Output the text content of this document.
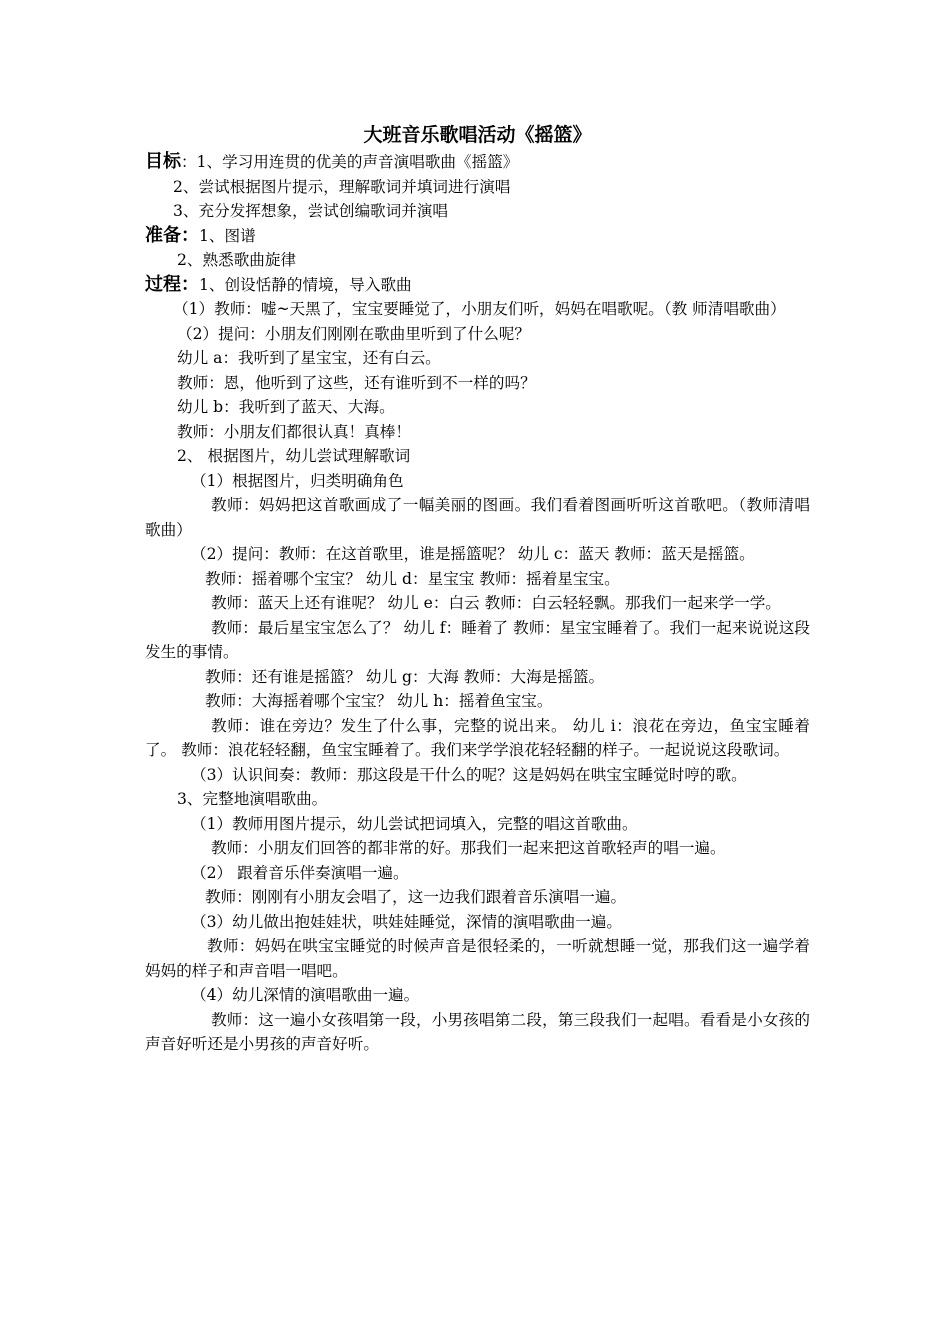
大班音乐歌唱活动《摇篮》

目标：1、学习用连贯的优美的声音演唱歌曲《摇篮》

2、尝试根据图片提示，理解歌词并填词进行演唱

3、充分发挥想象，尝试创编歌词并演唱

准备：1、图谱

2、熟悉歌曲旋律

过程：1、创设恬静的情境，导入歌曲

（1）教师：嘘~天黑了，宝宝要睡觉了，小朋友们听，妈妈在唱歌呢。（教 师清唱歌曲）

（2）提问：小朋友们刚刚在歌曲里听到了什么呢？

幼儿 a：我听到了星宝宝，还有白云。

教师：恩，他听到了这些，还有谁听到不一样的吗？

幼儿 b：我听到了蓝天、大海。

教师：小朋友们都很认真！真棒！

2、 根据图片，幼儿尝试理解歌词

（1）根据图片，归类明确角色

教师：妈妈把这首歌画成了一幅美丽的图画。我们看着图画听听这首歌吧。（教师清唱歌曲）

（2）提问：教师：在这首歌里，谁是摇篮呢？ 幼儿 c：蓝天 教师：蓝天是摇篮。

教师：摇着哪个宝宝？ 幼儿 d：星宝宝 教师：摇着星宝宝。

教师：蓝天上还有谁呢？ 幼儿 e：白云 教师：白云轻轻飘。那我们一起来学一学。

教师：最后星宝宝怎么了？ 幼儿 f：睡着了 教师：星宝宝睡着了。我们一起来说说这段发生的事情。

教师：还有谁是摇篮？ 幼儿 g：大海 教师：大海是摇篮。

教师：大海摇着哪个宝宝？ 幼儿 h：摇着鱼宝宝。

教师：谁在旁边？发生了什么事，完整的说出来。 幼儿 i：浪花在旁边，鱼宝宝睡着了。 教师：浪花轻轻翻，鱼宝宝睡着了。我们来学学浪花轻轻翻的样子。一起说说这段歌词。

（3）认识间奏：教师：那这段是干什么的呢？这是妈妈在哄宝宝睡觉时哼的歌。

3、完整地演唱歌曲。

（1）教师用图片提示，幼儿尝试把词填入，完整的唱这首歌曲。

教师：小朋友们回答的都非常的好。那我们一起来把这首歌轻声的唱一遍。

（2） 跟着音乐伴奏演唱一遍。

教师：刚刚有小朋友会唱了，这一边我们跟着音乐演唱一遍。

（3）幼儿做出抱娃娃状，哄娃娃睡觉，深情的演唱歌曲一遍。

教师：妈妈在哄宝宝睡觉的时候声音是很轻柔的，一听就想睡一觉，那我们这一遍学着妈妈的样子和声音唱一唱吧。

（4）幼儿深情的演唱歌曲一遍。

教师：这一遍小女孩唱第一段，小男孩唱第二段，第三段我们一起唱。看看是小女孩的声音好听还是小男孩的声音好听。
